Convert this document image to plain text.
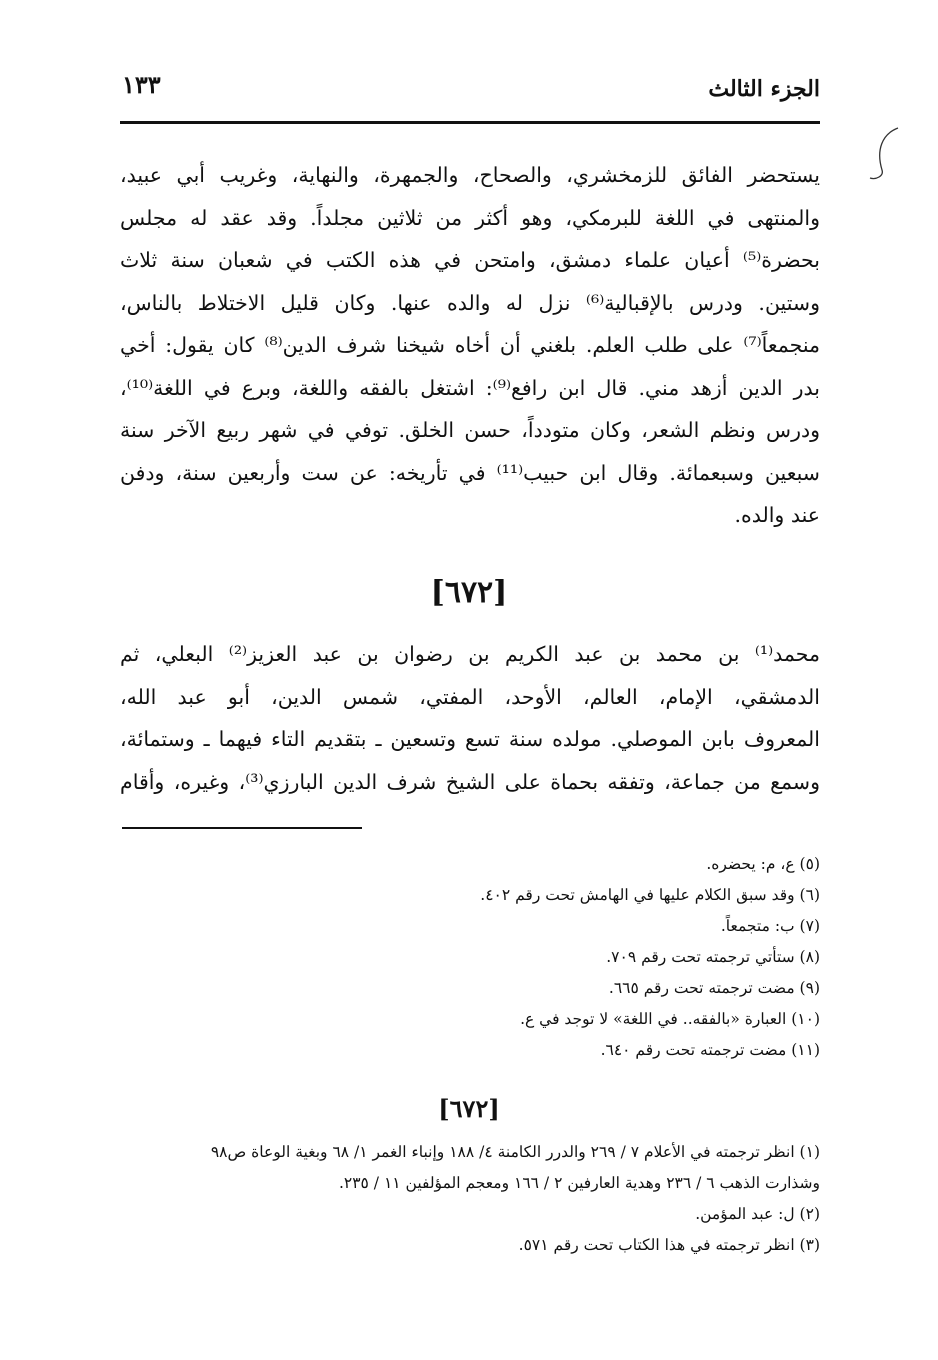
الجزء الثالث
١٣٣
يستحضر الفائق للزمخشري، والصحاح، والجمهرة، والنهاية، وغريب أبي عبيد،
والمنتهى في اللغة للبرمكي، وهو أكثر من ثلاثين مجلداً. وقد عقد له مجلس
بحضرة⁽⁵⁾ أعيان علماء دمشق، وامتحن في هذه الكتب في شعبان سنة ثلاث
وستين. ودرس بالإقبالية⁽⁶⁾ نزل له والده عنها. وكان قليل الاختلاط بالناس،
منجمعاً⁽⁷⁾ على طلب العلم. بلغني أن أخاه شيخنا شرف الدين⁽⁸⁾ كان يقول: أخي
بدر الدين أزهد مني. قال ابن رافع⁽⁹⁾: اشتغل بالفقه واللغة، وبرع في اللغة⁽¹⁰⁾،
ودرس ونظم الشعر، وكان متودداً، حسن الخلق. توفي في شهر ربيع الآخر سنة
سبعين وسبعمائة. وقال ابن حبيب⁽¹¹⁾ في تأريخه: عن ست وأربعين سنة، ودفن
عند والده.
[٦٧٢]
محمد⁽¹⁾ بن محمد بن عبد الكريم بن رضوان بن عبد العزيز⁽²⁾ البعلي، ثم
الدمشقي، الإمام، العالم، الأوحد، المفتي، شمس الدين، أبو عبد الله،
المعروف بابن الموصلي. مولده سنة تسع وتسعين ـ بتقديم التاء فيهما ـ وستمائة،
وسمع من جماعة، وتفقه بحماة على الشيخ شرف الدين البارزي⁽³⁾، وغيره، وأقام
(٥) ع، م: يحضره.
(٦) وقد سبق الكلام عليها في الهامش تحت رقم ٤٠٢.
(٧) ب: متجمعاً.
(٨) ستأتي ترجمته تحت رقم ٧٠٩.
(٩) مضت ترجمته تحت رقم ٦٦٥.
(١٠) العبارة «بالفقه.. في اللغة» لا توجد في ع.
(١١) مضت ترجمته تحت رقم ٦٤٠.
[٦٧٢]
(١) انظر ترجمته في الأعلام ٧ / ٢٦٩ والدرر الكامنة ٤/ ١٨٨ وإنباء الغمر ١/ ٦٨ وبغية الوعاة ص٩٨
وشذارت الذهب ٦ / ٢٣٦ وهدية العارفين ٢ / ١٦٦ ومعجم المؤلفين ١١ / ٢٣٥.
(٢) ل: عبد المؤمن.
(٣) انظر ترجمته في هذا الكتاب تحت رقم ٥٧١.
